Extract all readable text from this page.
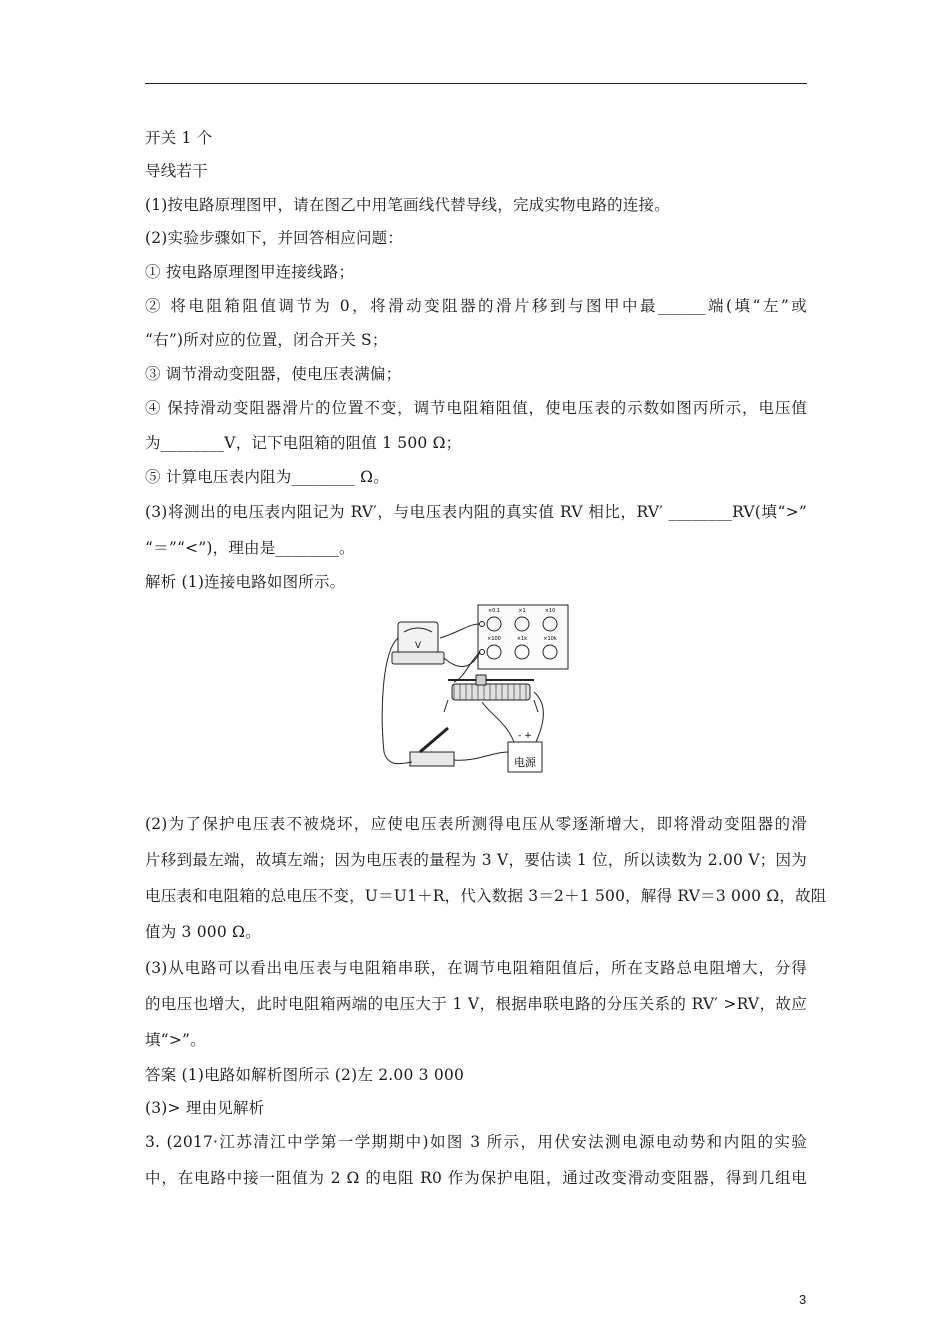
开关 1 个
导线若干
(1)按电路原理图甲，请在图乙中用笔画线代替导线，完成实物电路的连接。
(2)实验步骤如下，并回答相应问题：
① 按电路原理图甲连接线路；
② 将电阻箱阻值调节为 0，将滑动变阻器的滑片移到与图甲中最______端(填“左”或
“右”)所对应的位置，闭合开关 S；
③ 调节滑动变阻器，使电压表满偏；
④ 保持滑动变阻器滑片的位置不变，调节电阻箱阻值，使电压表的示数如图丙所示，电压值
为________V，记下电阻箱的阻值 1 500 Ω；
⑤ 计算电压表内阻为________ Ω。
(3)将测出的电压表内阻记为 RV′，与电压表内阻的真实值 RV 相比，RV′ ________RV(填“>”
“＝”“<”)，理由是________。
解析 (1)连接电路如图所示。
V
电源
- +
×0.1	×1	×10
×100	×1k	×10k
(2)为了保护电压表不被烧坏，应使电压表所测得电压从零逐渐增大，即将滑动变阻器的滑
片移到最左端，故填左端；因为电压表的量程为 3 V，要估读 1 位，所以读数为 2.00 V；因为
电压表和电阻箱的总电压不变，U＝U1＋R，代入数据 3＝2＋1 500，解得 RV＝3 000 Ω，故阻
值为 3 000 Ω。
(3)从电路可以看出电压表与电阻箱串联，在调节电阻箱阻值后，所在支路总电阻增大，分得
的电压也增大，此时电阻箱两端的电压大于 1 V，根据串联电路的分压关系的 RV′ >RV，故应
填“>”。
答案 (1)电路如解析图所示 (2)左 2.00 3 000
(3)> 理由见解析
3. (2017·江苏清江中学第一学期期中)如图 3 所示，用伏安法测电源电动势和内阻的实验
中，在电路中接一阻值为 2 Ω 的电阻 R0 作为保护电阻，通过改变滑动变阻器，得到几组电
3
